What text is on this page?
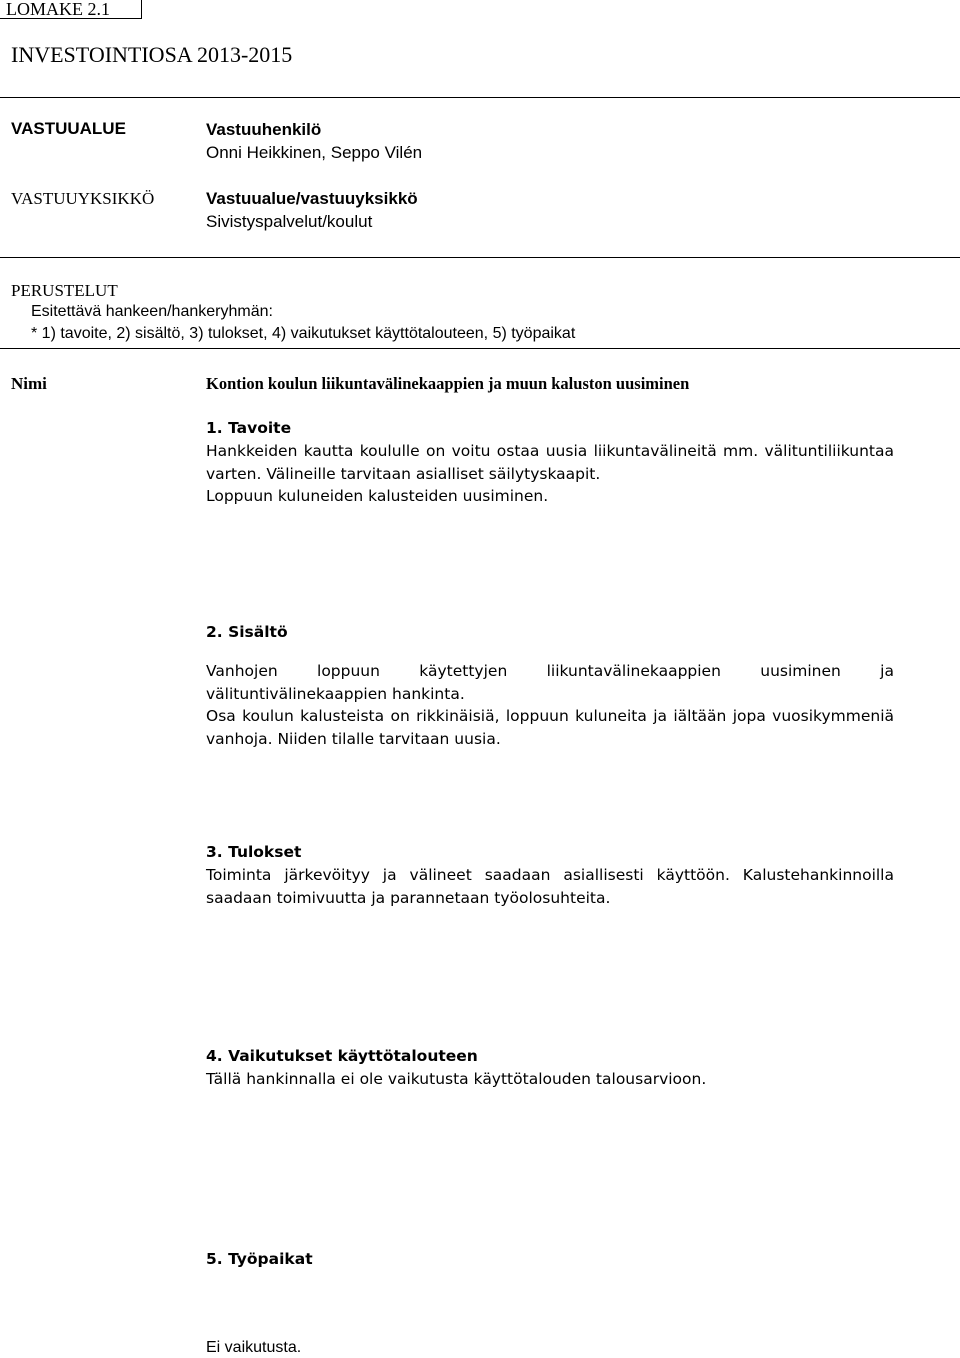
LOMAKE 2.1
INVESTOINTIOSA 2013-2015
VASTUUALUE
VASTUUYKSIKKÖ
Vastuuhenkilö
Onni Heikkinen, Seppo Vilén
Vastuualue/vastuuyksikkö
Sivistyspalvelut/koulut
PERUSTELUT
Esitettävä hankeen/hankeryhmän:
* 1) tavoite, 2) sisältö, 3) tulokset, 4) vaikutukset käyttötalouteen, 5) työpaikat
Nimi	Kontion koulun liikuntavälinekaappien ja muun kaluston uusiminen
1. Tavoite
Hankkeiden kautta koululle on voitu ostaa uusia liikuntavälineitä mm. välituntiliikuntaa varten. Välineille tarvitaan asialliset säilytyskaapit.
Loppuun kuluneiden kalusteiden uusiminen.
2. Sisältö
Vanhojen loppuun käytettyjen liikuntavälinekaappien uusiminen ja välituntivälinekaappien hankinta.
Osa koulun kalusteista on rikkinäisiä, loppuun kuluneita ja iältään jopa vuosikymmeniä vanhoja. Niiden tilalle tarvitaan uusia.
3. Tulokset
Toiminta järkevöityy ja välineet saadaan asiallisesti käyttöön. Kalustehankinnoilla saadaan toimivuutta ja parannetaan työolosuhteita.
4. Vaikutukset käyttötalouteen
Tällä hankinnalla ei ole vaikutusta käyttötalouden talousarvioon.
5. Työpaikat
Ei vaikutusta.
